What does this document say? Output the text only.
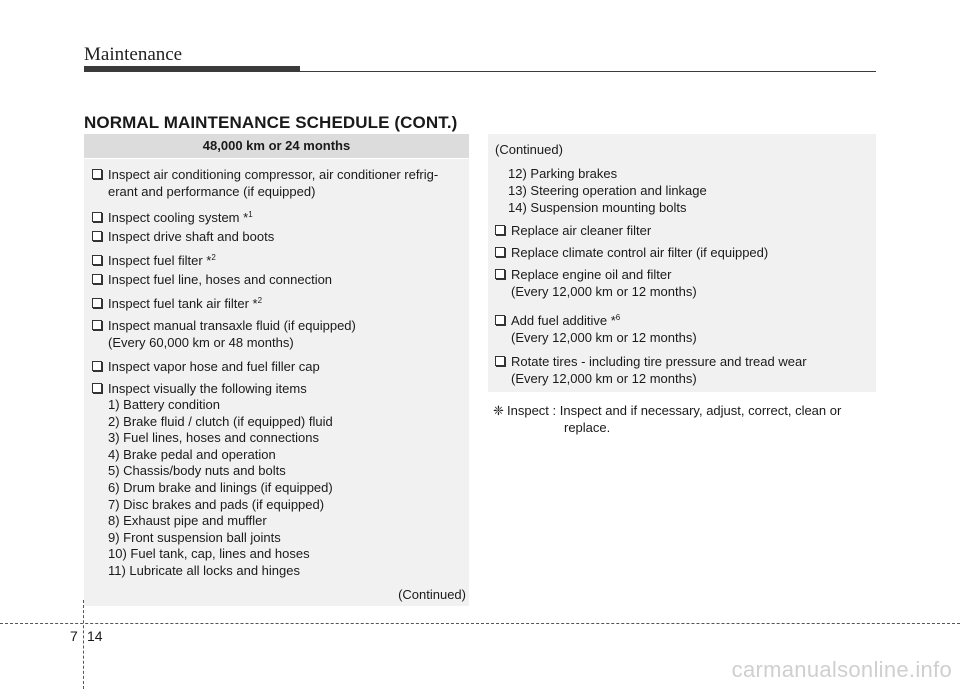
Maintenance
NORMAL MAINTENANCE SCHEDULE (CONT.)
48,000 km or 24 months
Inspect air conditioning compressor, air conditioner refrig-
erant and performance (if equipped)
Inspect cooling system *$^1$
Inspect drive shaft and boots
Inspect fuel filter *$^2$
Inspect fuel line, hoses and connection
Inspect fuel tank air filter *$^2$
Inspect manual transaxle fluid (if equipped)
(Every 60,000 km or 48 months)
Inspect vapor hose and fuel filler cap
Inspect visually the following items
1) Battery condition
2) Brake fluid / clutch (if equipped) fluid
3) Fuel lines, hoses and connections
4) Brake pedal and operation
5) Chassis/body nuts and bolts
6) Drum brake and linings (if equipped)
7) Disc brakes and pads (if equipped)
8) Exhaust pipe and muffler
9) Front suspension ball joints
10) Fuel tank, cap, lines and hoses
11) Lubricate all locks and hinges
(Continued)
(Continued)
12) Parking brakes
13) Steering operation and linkage
14) Suspension mounting bolts
Replace air cleaner filter
Replace climate control air filter (if equipped)
Replace engine oil and filter
(Every 12,000 km or 12 months)
Add fuel additive *$^6$
(Every 12,000 km or 12 months)
Rotate tires - including tire pressure and tread wear
(Every 12,000 km or 12 months)
❈ Inspect : Inspect and if necessary, adjust, correct, clean or
replace.
7 14
carmanualsonline.info
